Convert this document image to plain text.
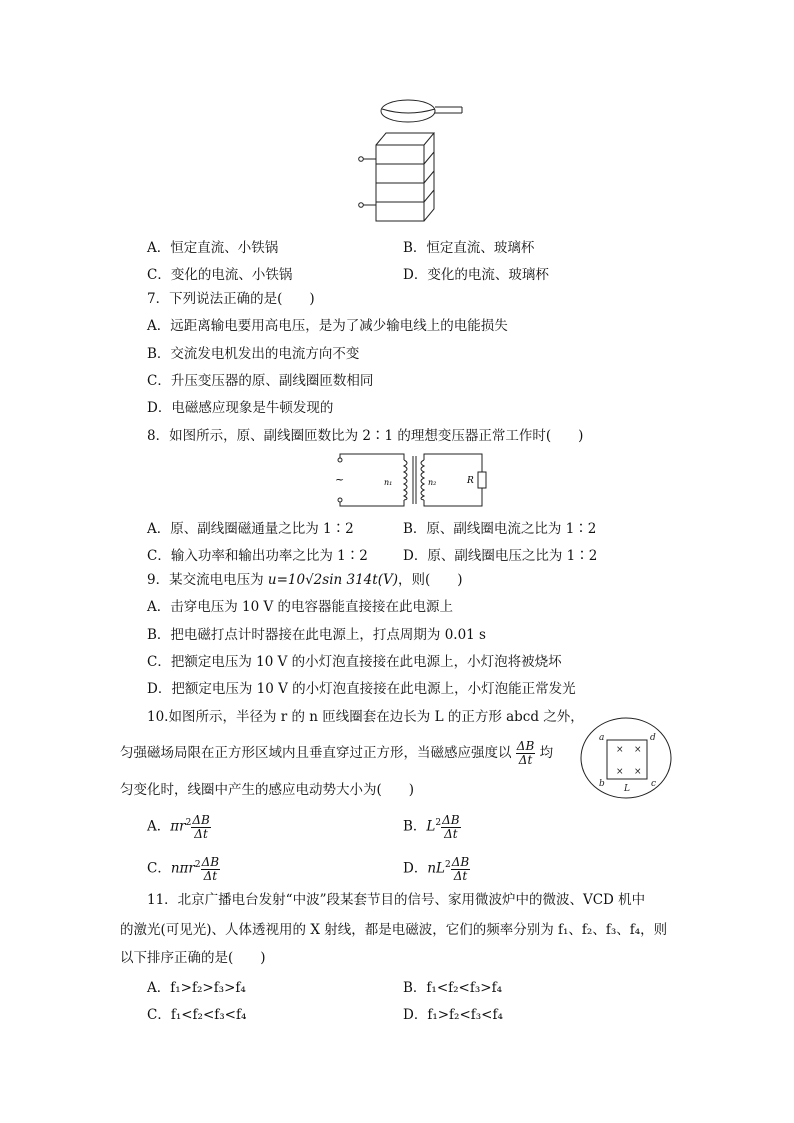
A．恒定直流、小铁锅	B．恒定直流、玻璃杯
C．变化的电流、小铁锅	D．变化的电流、玻璃杯
7．下列说法正确的是(　　)
A．远距离输电要用高电压，是为了减少输电线上的电能损失
B．交流发电机发出的电流方向不变
C．升压变压器的原、副线圈匝数相同
D．电磁感应现象是牛顿发现的
8．如图所示，原、副线圈匝数比为 2∶1 的理想变压器正常工作时(　　)
~	n₁	n₂	R
A．原、副线圈磁通量之比为 1∶2	B．原、副线圈电流之比为 1∶2
C．输入功率和输出功率之比为 1∶2	D．原、副线圈电压之比为 1∶2
9．某交流电电压为 u=10√2sin 314t(V)，则(　　)
A．击穿电压为 10 V 的电容器能直接接在此电源上
B．把电磁打点计时器接在此电源上，打点周期为 0.01 s
C．把额定电压为 10 V 的小灯泡直接接在此电源上，小灯泡将被烧坏
D．把额定电压为 10 V 的小灯泡直接接在此电源上，小灯泡能正常发光
10.如图所示，半径为 r 的 n 匝线圈套在边长为 L 的正方形 abcd 之外，
匀强磁场局限在正方形区域内且垂直穿过正方形，当磁感应强度以 $\frac{\Delta B}{\Delta t}$ 均
匀变化时，线圈中产生的感应电动势大小为(　　)
× ×
× ×
a	d
b	c
L
A．$\pi r^2 \frac{\Delta B}{\Delta t}$	B．$L^2 \frac{\Delta B}{\Delta t}$
C．$n\pi r^2 \frac{\Delta B}{\Delta t}$	D．$nL^2 \frac{\Delta B}{\Delta t}$
11．北京广播电台发射“中波”段某套节目的信号、家用微波炉中的微波、VCD 机中
的激光(可见光)、人体透视用的 X 射线，都是电磁波，它们的频率分别为 f₁、f₂、f₃、f₄，则
以下排序正确的是(　　)
A．f₁>f₂>f₃>f₄	B．f₁<f₂<f₃>f₄
C．f₁<f₂<f₃<f₄	D．f₁>f₂<f₃<f₄
